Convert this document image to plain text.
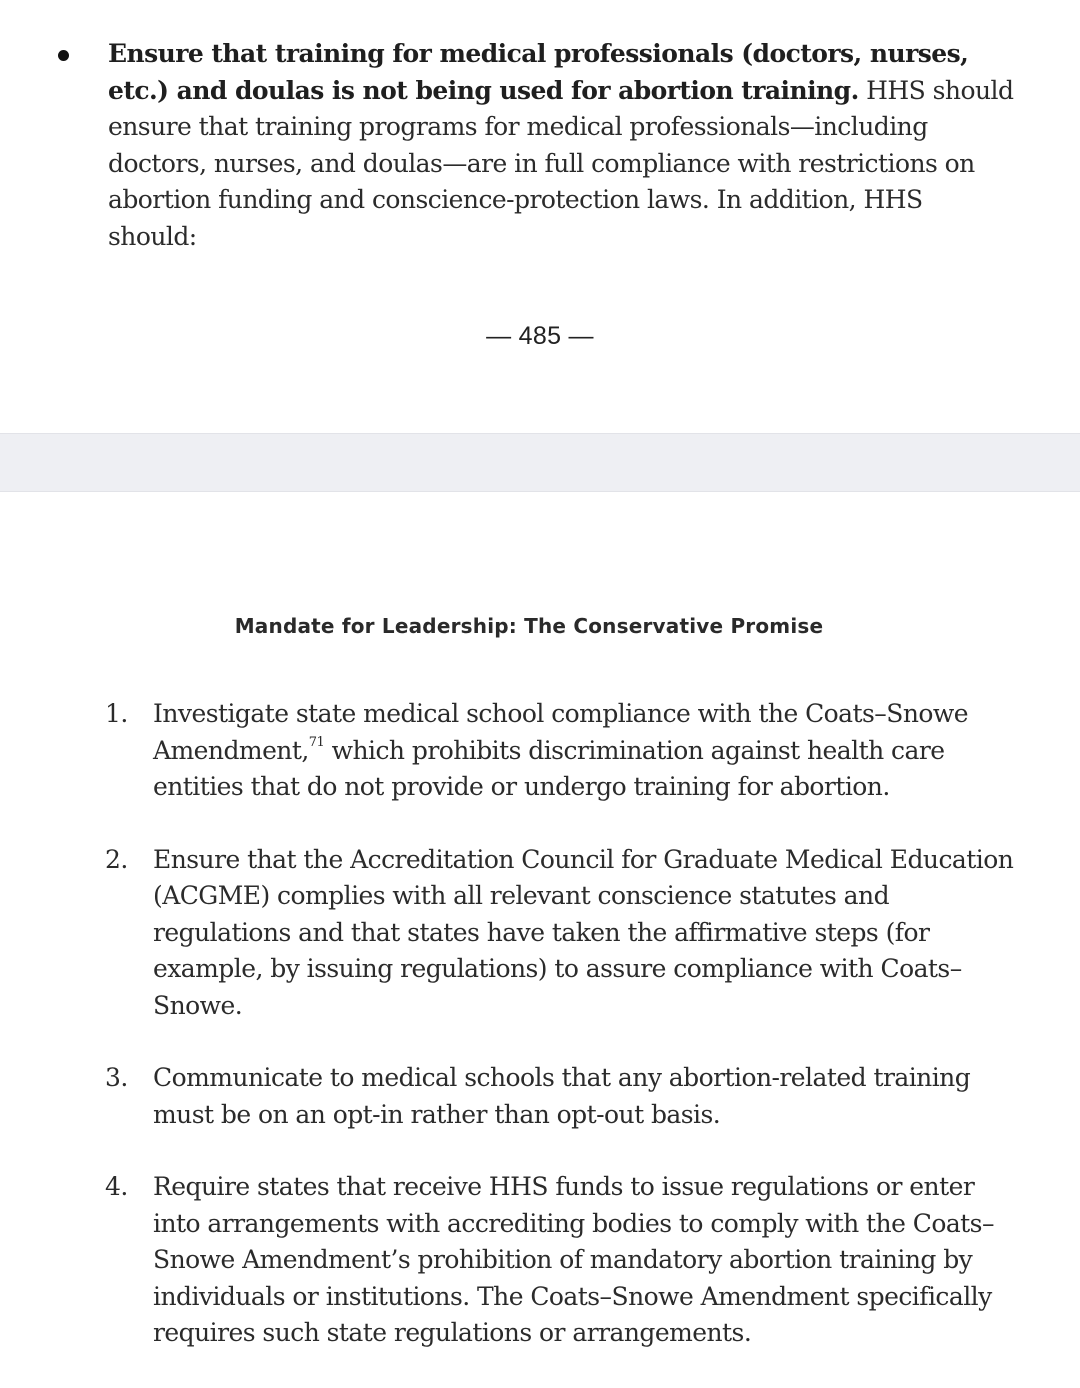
Ensure that training for medical professionals (doctors, nurses, etc.) and doulas is not being used for abortion training. HHS should ensure that training programs for medical professionals—including doctors, nurses, and doulas—are in full compliance with restrictions on abortion funding and conscience-protection laws. In addition, HHS should:

— 485 —
Mandate for Leadership: The Conservative Promise
1. Investigate state medical school compliance with the Coats–Snowe Amendment,$^{71}$ which prohibits discrimination against health care entities that do not provide or undergo training for abortion.

2. Ensure that the Accreditation Council for Graduate Medical Education (ACGME) complies with all relevant conscience statutes and regulations and that states have taken the affirmative steps (for example, by issuing regulations) to assure compliance with Coats–Snowe.

3. Communicate to medical schools that any abortion-related training must be on an opt-in rather than opt-out basis.

4. Require states that receive HHS funds to issue regulations or enter into arrangements with accrediting bodies to comply with the Coats–Snowe Amendment’s prohibition of mandatory abortion training by individuals or institutions. The Coats–Snowe Amendment specifically requires such state regulations or arrangements.
